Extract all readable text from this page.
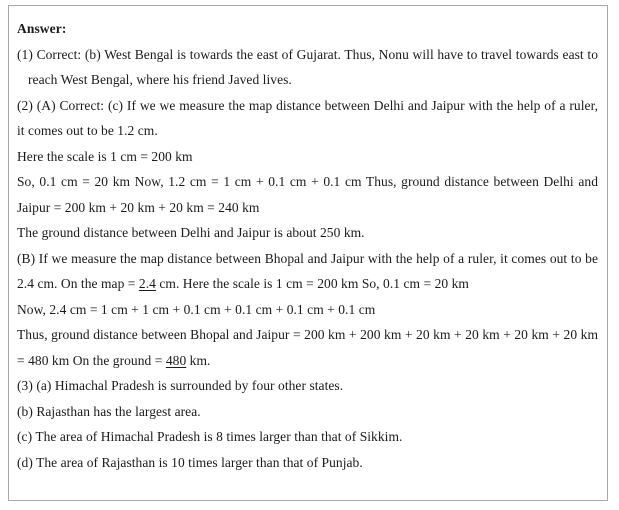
Answer:

(1) Correct: (b) West Bengal is towards the east of Gujarat. Thus, Nonu will have to travel towards east toreach West Bengal, where his friend Javed lives.

(2) (A) Correct: (c) If we we measure the map distance between Delhi and Jaipur with the help of a ruler, it comes out to be 1.2 cm.

Here the scale is 1 cm = 200 km

So, 0.1 cm = 20 km Now, 1.2 cm = 1 cm + 0.1 cm + 0.1 cm Thus, ground distance between Delhi and Jaipur = 200 km + 20 km + 20 km = 240 km

The ground distance between Delhi and Jaipur is about 250 km.

(B) If we measure the map distance between Bhopal and Jaipur with the help of a ruler, it comes out to be 2.4 cm. On the map = 2.4 cm. Here the scale is 1 cm = 200 km So, 0.1 cm = 20 km

Now, 2.4 cm = 1 cm + 1 cm + 0.1 cm + 0.1 cm + 0.1 cm + 0.1 cm

Thus, ground distance between Bhopal and Jaipur = 200 km + 200 km + 20 km + 20 km + 20 km + 20 km = 480 km On the ground = 480 km.

(3) (a) Himachal Pradesh is surrounded by four other states.

(b) Rajasthan has the largest area.

(c) The area of Himachal Pradesh is 8 times larger than that of Sikkim.

(d) The area of Rajasthan is 10 times larger than that of Punjab.
